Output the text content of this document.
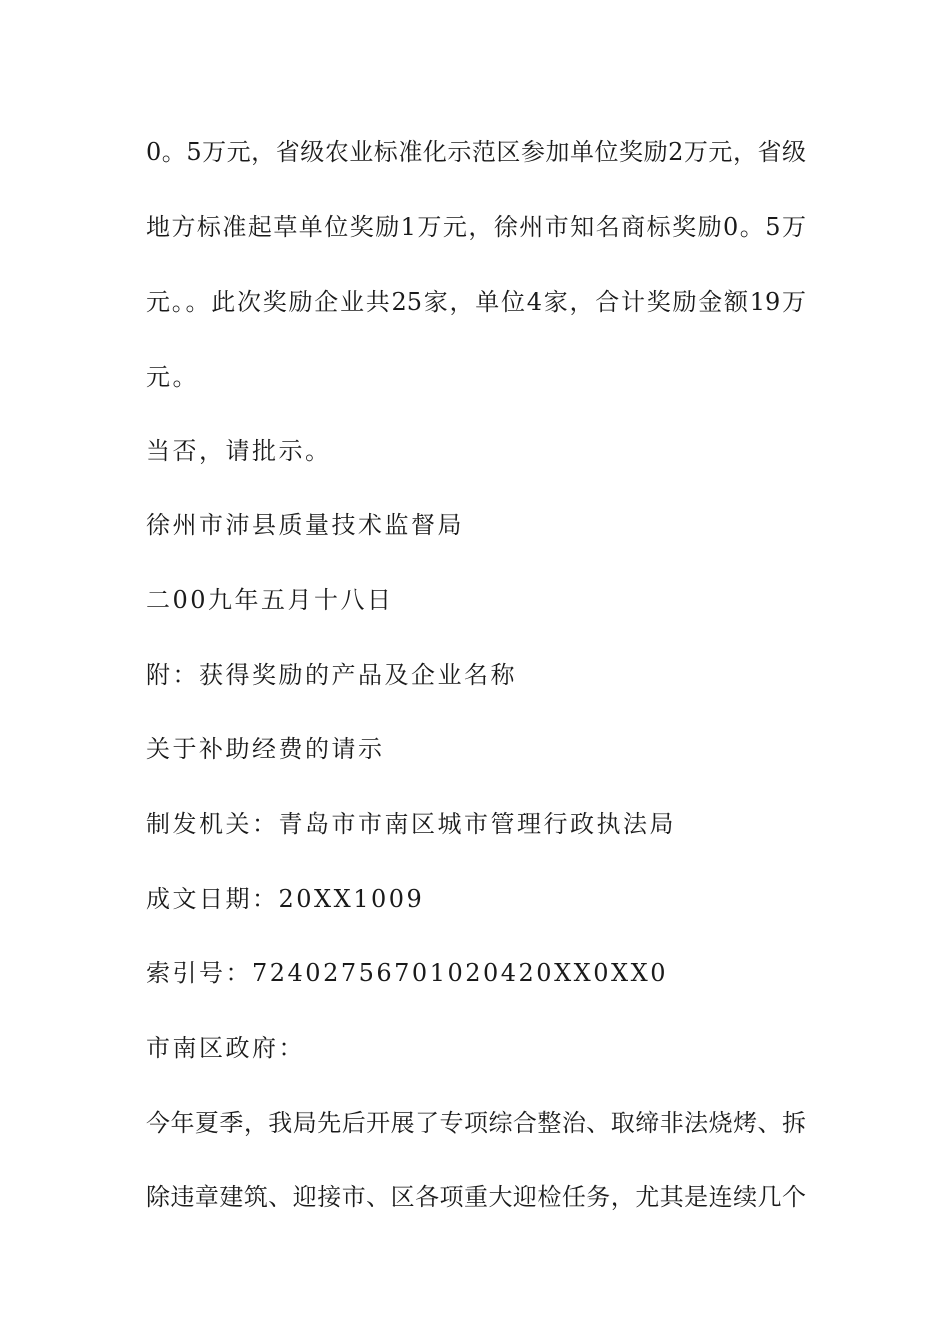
0。5万元，省级农业标准化示范区参加单位奖励2万元，省级
地方标准起草单位奖励1万元，徐州市知名商标奖励0。5万
元。。此次奖励企业共25家，单位4家，合计奖励金额19万
元。
当否，请批示。
徐州市沛县质量技术监督局
二00九年五月十八日
附：获得奖励的产品及企业名称
关于补助经费的请示
制发机关：青岛市市南区城市管理行政执法局
成文日期：20XX1009
索引号：72402756701020420XX0XX0
市南区政府：
今年夏季，我局先后开展了专项综合整治、取缔非法烧烤、拆
除违章建筑、迎接市、区各项重大迎检任务，尤其是连续几个
